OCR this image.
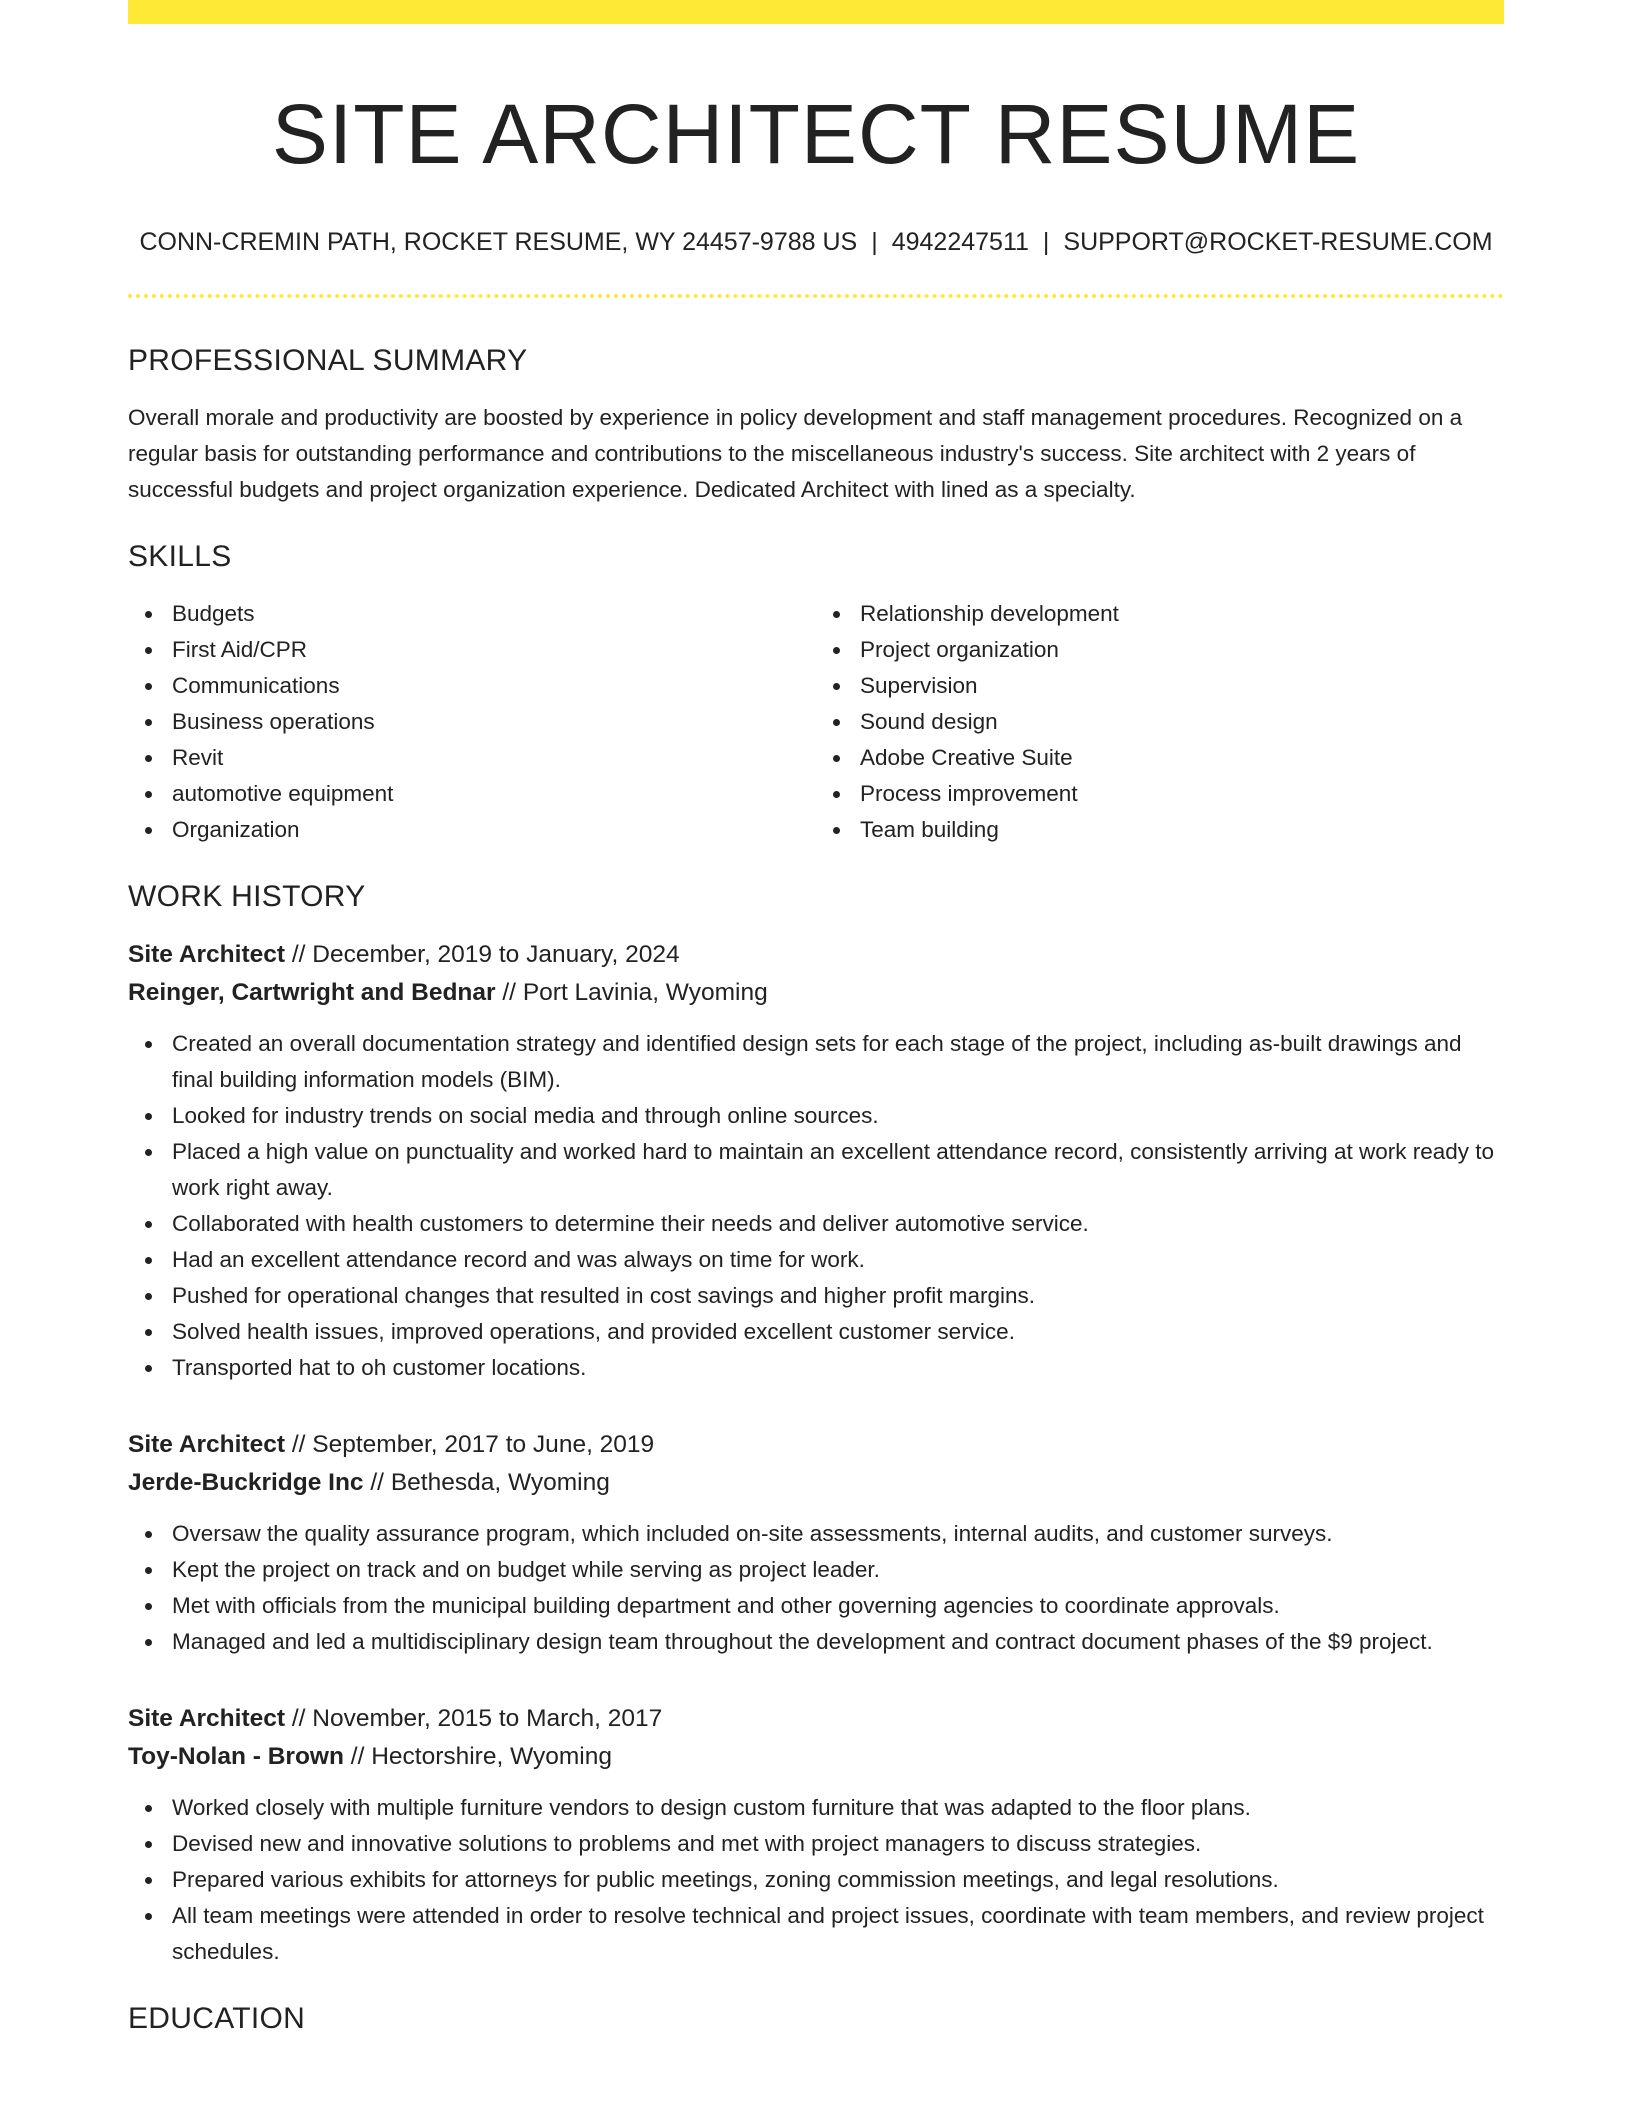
SITE ARCHITECT RESUME
CONN-CREMIN PATH, ROCKET RESUME, WY 24457-9788 US | 4942247511 | SUPPORT@ROCKET-RESUME.COM
PROFESSIONAL SUMMARY

Overall morale and productivity are boosted by experience in policy development and staff management procedures. Recognized on a regular basis for outstanding performance and contributions to the miscellaneous industry's success. Site architect with 2 years of successful budgets and project organization experience. Dedicated Architect with lined as a specialty.

SKILLS
Budgets
First Aid/CPR
Communications
Business operations
Revit
automotive equipment
Organization
Relationship development
Project organization
Supervision
Sound design
Adobe Creative Suite
Process improvement
Team building
WORK HISTORY
Site Architect // December, 2019 to January, 2024
Reinger, Cartwright and Bednar // Port Lavinia, Wyoming
Created an overall documentation strategy and identified design sets for each stage of the project, including as-built drawings and final building information models (BIM).
Looked for industry trends on social media and through online sources.
Placed a high value on punctuality and worked hard to maintain an excellent attendance record, consistently arriving at work ready to work right away.
Collaborated with health customers to determine their needs and deliver automotive service.
Had an excellent attendance record and was always on time for work.
Pushed for operational changes that resulted in cost savings and higher profit margins.
Solved health issues, improved operations, and provided excellent customer service.
Transported hat to oh customer locations.
Site Architect // September, 2017 to June, 2019
Jerde-Buckridge Inc // Bethesda, Wyoming
Oversaw the quality assurance program, which included on-site assessments, internal audits, and customer surveys.
Kept the project on track and on budget while serving as project leader.
Met with officials from the municipal building department and other governing agencies to coordinate approvals.
Managed and led a multidisciplinary design team throughout the development and contract document phases of the $9 project.
Site Architect // November, 2015 to March, 2017
Toy-Nolan - Brown // Hectorshire, Wyoming
Worked closely with multiple furniture vendors to design custom furniture that was adapted to the floor plans.
Devised new and innovative solutions to problems and met with project managers to discuss strategies.
Prepared various exhibits for attorneys for public meetings, zoning commission meetings, and legal resolutions.
All team meetings were attended in order to resolve technical and project issues, coordinate with team members, and review project schedules.
EDUCATION
